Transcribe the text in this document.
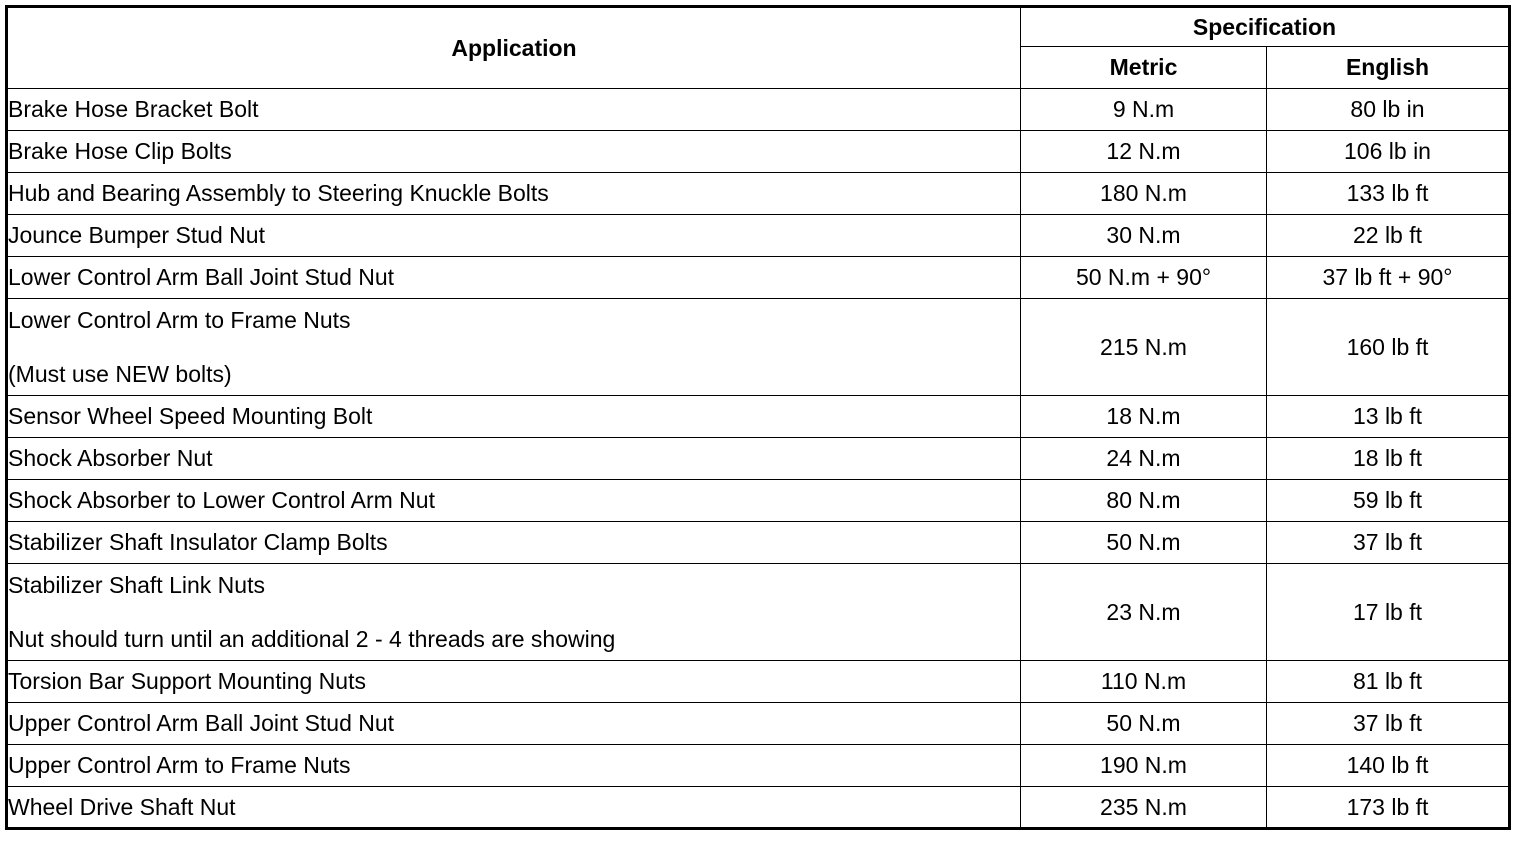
Application	Specification	
	Metric	English

Brake Hose Bracket Bolt	9 N.m	80 lb in

Brake Hose Clip Bolts	12 N.m	106 lb in

Hub and Bearing Assembly to Steering Knuckle Bolts	180 N.m	133 lb ft

Jounce Bumper Stud Nut	30 N.m	22 lb ft

Lower Control Arm Ball Joint Stud Nut	50 N.m + 90°	37 lb ft + 90°

Lower Control Arm to Frame Nuts
(Must use NEW bolts)	215 N.m	160 lb ft

Sensor Wheel Speed Mounting Bolt	18 N.m	13 lb ft

Shock Absorber Nut	24 N.m	18 lb ft

Shock Absorber to Lower Control Arm Nut	80 N.m	59 lb ft

Stabilizer Shaft Insulator Clamp Bolts	50 N.m	37 lb ft

Stabilizer Shaft Link Nuts
Nut should turn until an additional 2 - 4 threads are showing	23 N.m	17 lb ft

Torsion Bar Support Mounting Nuts	110 N.m	81 lb ft

Upper Control Arm Ball Joint Stud Nut	50 N.m	37 lb ft

Upper Control Arm to Frame Nuts	190 N.m	140 lb ft

Wheel Drive Shaft Nut	235 N.m	173 lb ft
